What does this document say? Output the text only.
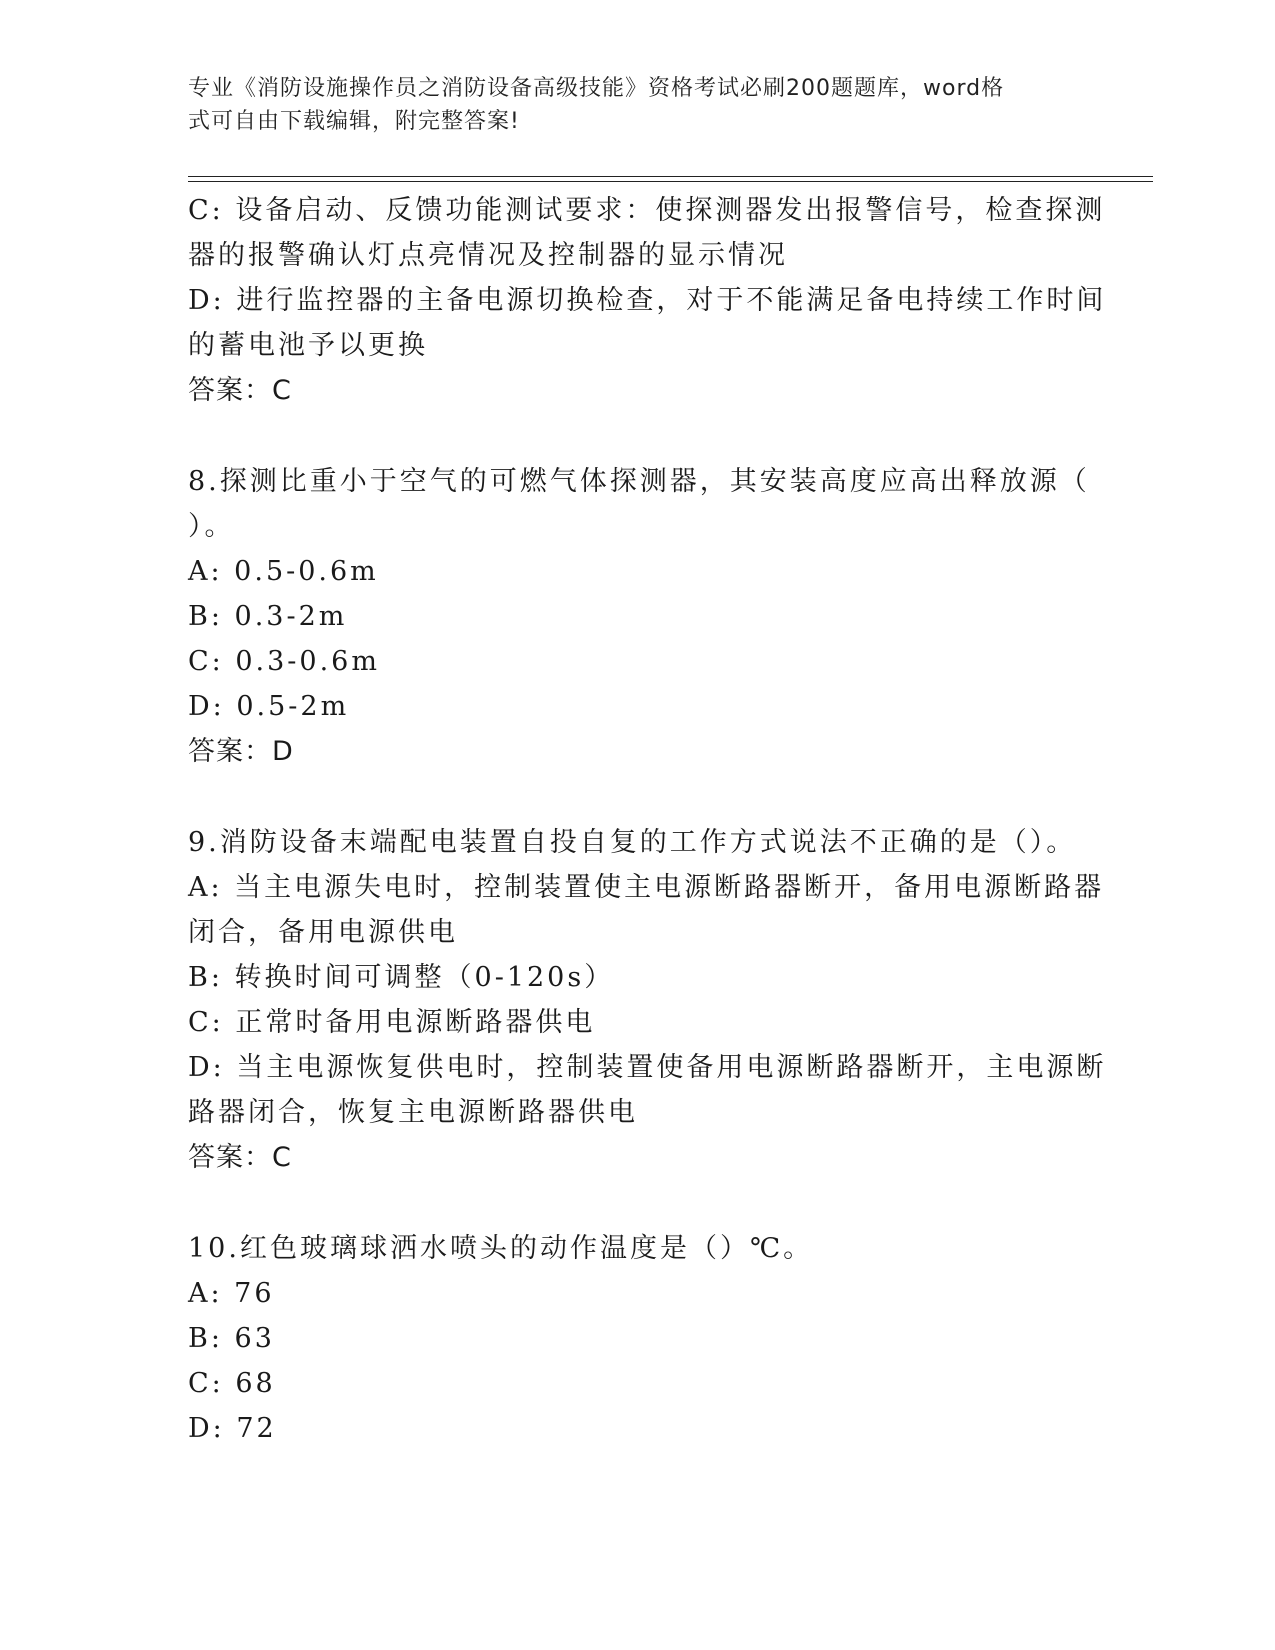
专业《消防设施操作员之消防设备高级技能》资格考试必刷200题题库，word格
式可自由下载编辑，附完整答案!
C: 设备启动、反馈功能测试要求：使探测器发出报警信号，检查探测
器的报警确认灯点亮情况及控制器的显示情况
D: 进行监控器的主备电源切换检查，对于不能满足备电持续工作时间
的蓄电池予以更换
答案：C
8.探测比重小于空气的可燃气体探测器，其安装高度应高出释放源（
）。
A: 0.5-0.6m
B: 0.3-2m
C: 0.3-0.6m
D: 0.5-2m
答案：D
9.消防设备末端配电装置自投自复的工作方式说法不正确的是（）。
A: 当主电源失电时，控制装置使主电源断路器断开，备用电源断路器
闭合，备用电源供电
B: 转换时间可调整（0-120s）
C: 正常时备用电源断路器供电
D: 当主电源恢复供电时，控制装置使备用电源断路器断开，主电源断
路器闭合，恢复主电源断路器供电
答案：C
10.红色玻璃球洒水喷头的动作温度是（）℃。
A: 76
B: 63
C: 68
D: 72
